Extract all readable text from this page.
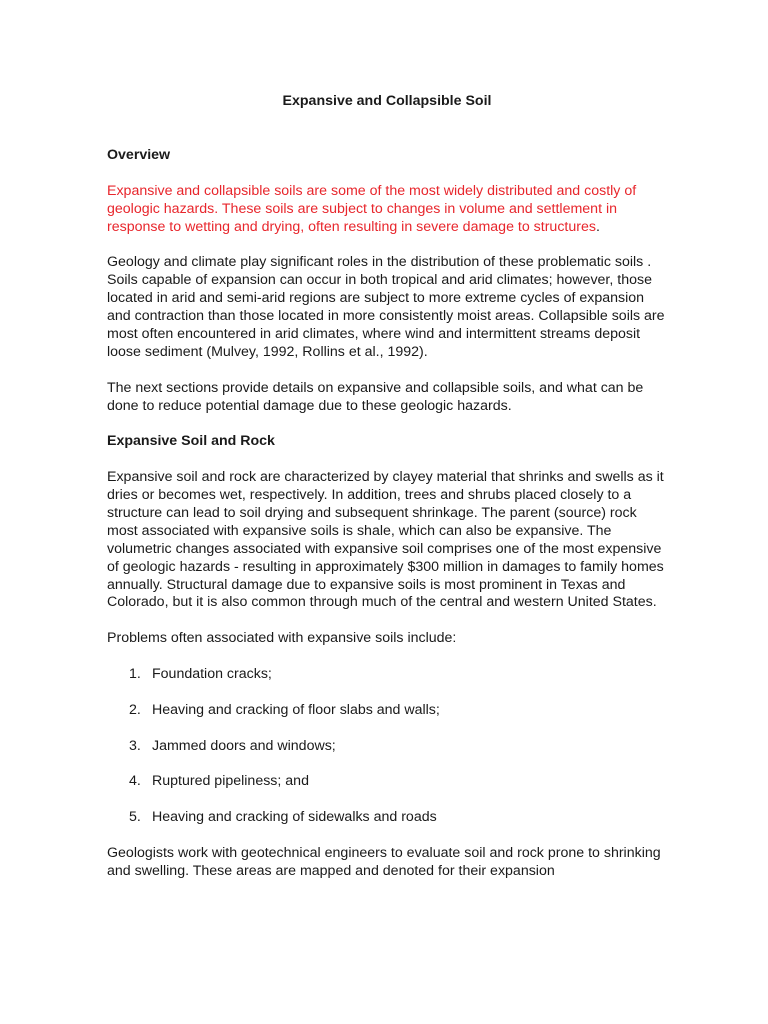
Expansive and Collapsible Soil
Overview

Expansive and collapsible soils are some of the most widely distributed and costly of geologic hazards. These soils are subject to changes in volume and settlement in response to wetting and drying, often resulting in severe damage to structures.

Geology and climate play significant roles in the distribution of these problematic soils . Soils capable of expansion can occur in both tropical and arid climates; however, those located in arid and semi-arid regions are subject to more extreme cycles of expansion and contraction than those located in more consistently moist areas. Collapsible soils are most often encountered in arid climates, where wind and intermittent streams deposit loose sediment (Mulvey, 1992, Rollins et al., 1992).

The next sections provide details on expansive and collapsible soils, and what can be done to reduce potential damage due to these geologic hazards.

Expansive Soil and Rock

Expansive soil and rock are characterized by clayey material that shrinks and swells as it dries or becomes wet, respectively. In addition, trees and shrubs placed closely to a structure can lead to soil drying and subsequent shrinkage. The parent (source) rock most associated with expansive soils is shale, which can also be expansive. The volumetric changes associated with expansive soil comprises one of the most expensive of geologic hazards - resulting in approximately $300 million in damages to family homes annually. Structural damage due to expansive soils is most prominent in Texas and Colorado, but it is also common through much of the central and western United States.

Problems often associated with expansive soils include:

1. Foundation cracks;
2. Heaving and cracking of floor slabs and walls;
3. Jammed doors and windows;
4. Ruptured pipeliness; and
5. Heaving and cracking of sidewalks and roads

Geologists work with geotechnical engineers to evaluate soil and rock prone to shrinking and swelling. These areas are mapped and denoted for their expansion
